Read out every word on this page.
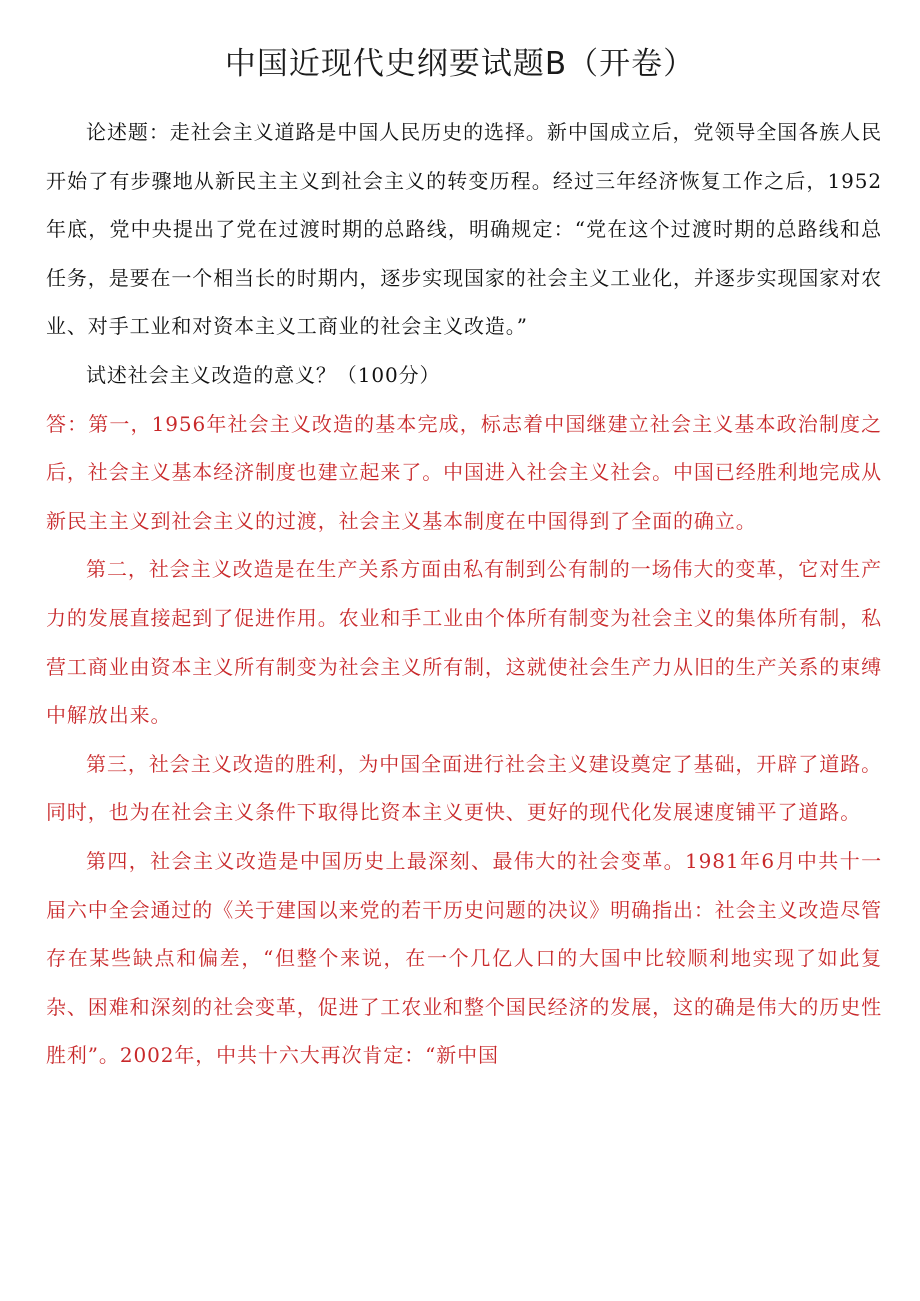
中国近现代史纲要试题B（开卷）

论述题：走社会主义道路是中国人民历史的选择。新中国成立后，党领导全国各族人民开始了有步骤地从新民主主义到社会主义的转变历程。经过三年经济恢复工作之后，1952年底，党中央提出了党在过渡时期的总路线，明确规定：“党在这个过渡时期的总路线和总任务，是要在一个相当长的时期内，逐步实现国家的社会主义工业化，并逐步实现国家对农业、对手工业和对资本主义工商业的社会主义改造。”

试述社会主义改造的意义？（100分）

答：第一，1956年社会主义改造的基本完成，标志着中国继建立社会主义基本政治制度之后，社会主义基本经济制度也建立起来了。中国进入社会主义社会。中国已经胜利地完成从新民主主义到社会主义的过渡，社会主义基本制度在中国得到了全面的确立。

第二，社会主义改造是在生产关系方面由私有制到公有制的一场伟大的变革，它对生产力的发展直接起到了促进作用。农业和手工业由个体所有制变为社会主义的集体所有制，私营工商业由资本主义所有制变为社会主义所有制，这就使社会生产力从旧的生产关系的束缚中解放出来。

第三，社会主义改造的胜利，为中国全面进行社会主义建设奠定了基础，开辟了道路。同时，也为在社会主义条件下取得比资本主义更快、更好的现代化发展速度铺平了道路。

第四，社会主义改造是中国历史上最深刻、最伟大的社会变革。1981年6月中共十一届六中全会通过的《关于建国以来党的若干历史问题的决议》明确指出：社会主义改造尽管存在某些缺点和偏差，“但整个来说，在一个几亿人口的大国中比较顺利地实现了如此复杂、困难和深刻的社会变革，促进了工农业和整个国民经济的发展，这的确是伟大的历史性胜利”。2002年，中共十六大再次肯定：“新中国
